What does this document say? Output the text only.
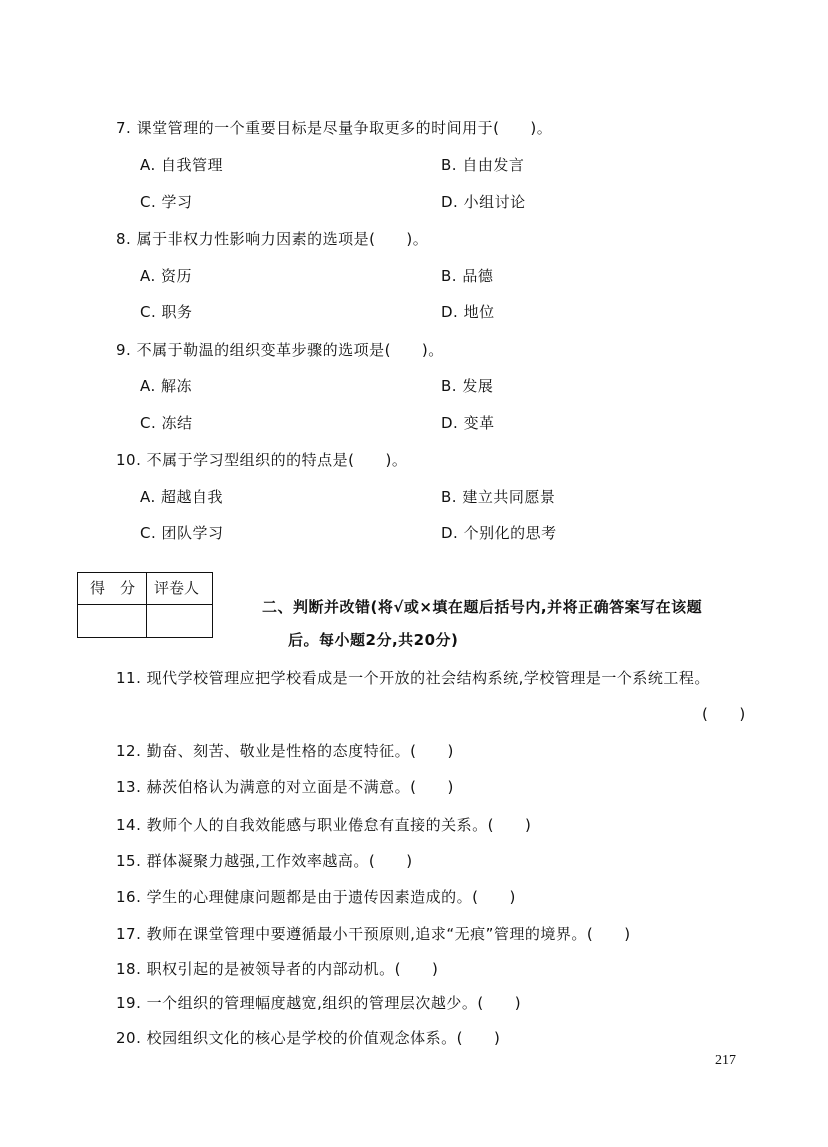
7. 课堂管理的一个重要目标是尽量争取更多的时间用于(　　)。
A. 自我管理	B. 自由发言
C. 学习	D. 小组讨论
8. 属于非权力性影响力因素的选项是(　　)。
A. 资历	B. 品德
C. 职务	D. 地位
9. 不属于勒温的组织变革步骤的选项是(　　)。
A. 解冻	B. 发展
C. 冻结	D. 变革
10. 不属于学习型组织的的特点是(　　)。
A. 超越自我	B. 建立共同愿景
C. 团队学习	D. 个别化的思考
得　分 评卷人
二、判断并改错(将√或×填在题后括号内,并将正确答案写在该题
后。每小题2分,共20分)
11. 现代学校管理应把学校看成是一个开放的社会结构系统,学校管理是一个系统工程。
(　　)
12. 勤奋、刻苦、敬业是性格的态度特征。(　　)
13. 赫茨伯格认为满意的对立面是不满意。(　　)
14. 教师个人的自我效能感与职业倦怠有直接的关系。(　　)
15. 群体凝聚力越强,工作效率越高。(　　)
16. 学生的心理健康问题都是由于遗传因素造成的。(　　)
17. 教师在课堂管理中要遵循最小干预原则,追求“无痕”管理的境界。(　　)
18. 职权引起的是被领导者的内部动机。(　　)
19. 一个组织的管理幅度越宽,组织的管理层次越少。(　　)
20. 校园组织文化的核心是学校的价值观念体系。(　　)
217
